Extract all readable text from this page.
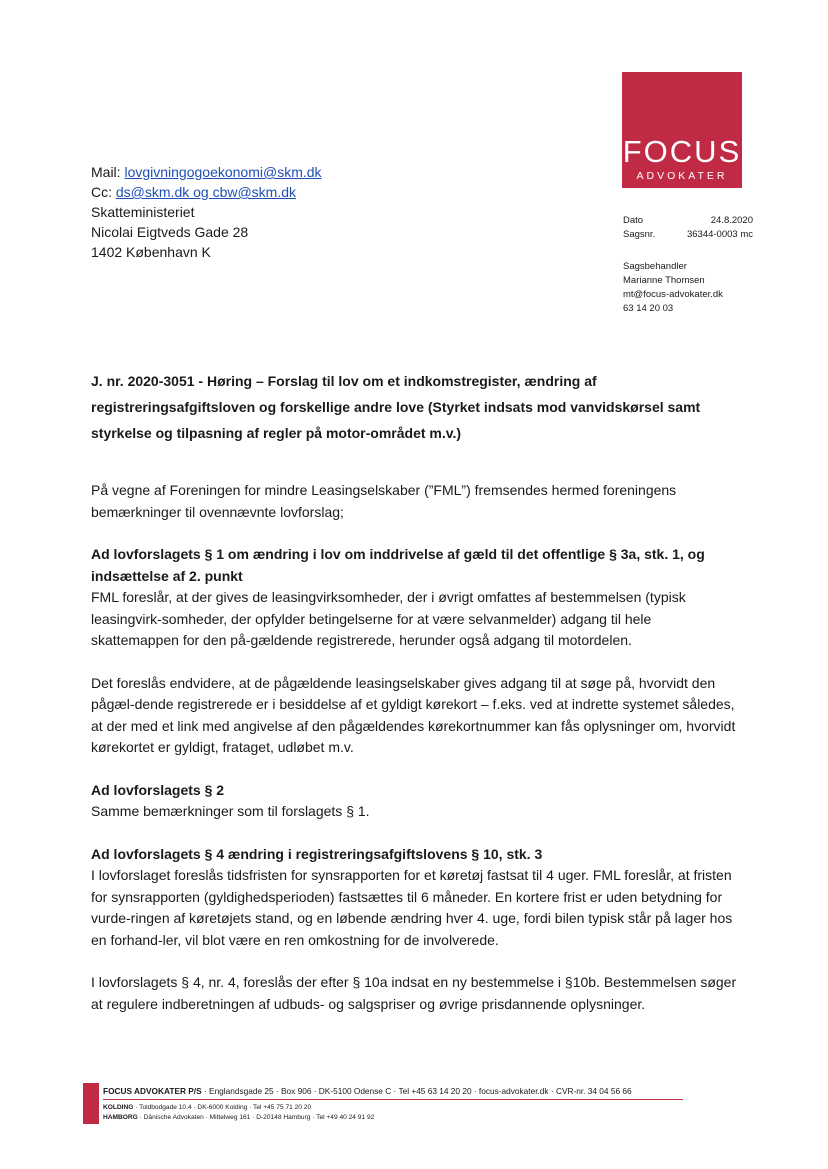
FOCUS
ADVOKATER
Mail: lovgivningogoekonomi@skm.dk
Cc: ds@skm.dk og cbw@skm.dk
Skatteministeriet
Nicolai Eigtveds Gade 28
1402 København K
Dato	24.8.2020
Sagsnr.	36344-0003 mc
Sagsbehandler
Marianne Thomsen
mt@focus-advokater.dk
63 14 20 03
J. nr. 2020-3051 - Høring – Forslag til lov om et indkomstregister, ændring af registreringsafgiftsloven og forskellige andre love (Styrket indsats mod vanvidskørsel samt styrkelse og tilpasning af regler på motor-området m.v.)

På vegne af Foreningen for mindre Leasingselskaber (”FML”) fremsendes hermed foreningens bemærkninger til ovennævnte lovforslag;

Ad lovforslagets § 1 om ændring i lov om inddrivelse af gæld til det offentlige § 3a, stk. 1, og indsættelse af 2. punkt

FML foreslår, at der gives de leasingvirksomheder, der i øvrigt omfattes af bestemmelsen (typisk leasingvirk-somheder, der opfylder betingelserne for at være selvanmelder) adgang til hele skattemappen for den på-gældende registrerede, herunder også adgang til motordelen.

Det foreslås endvidere, at de pågældende leasingselskaber gives adgang til at søge på, hvorvidt den pågæl-dende registrerede er i besiddelse af et gyldigt kørekort – f.eks. ved at indrette systemet således, at der med et link med angivelse af den pågældendes kørekortnummer kan fås oplysninger om, hvorvidt kørekortet er gyldigt, frataget, udløbet m.v.

Ad lovforslagets § 2

Samme bemærkninger som til forslagets § 1.

Ad lovforslagets § 4 ændring i registreringsafgiftslovens § 10, stk. 3

I lovforslaget foreslås tidsfristen for synsrapporten for et køretøj fastsat til 4 uger. FML foreslår, at fristen for synsrapporten (gyldighedsperioden) fastsættes til 6 måneder. En kortere frist er uden betydning for vurde-ringen af køretøjets stand, og en løbende ændring hver 4. uge, fordi bilen typisk står på lager hos en forhand-ler, vil blot være en ren omkostning for de involverede.

I lovforslagets § 4, nr. 4, foreslås der efter § 10a indsat en ny bestemmelse i §10b. Bestemmelsen søger at regulere indberetningen af udbuds- og salgspriser og øvrige prisdannende oplysninger.

FOCUS ADVOKATER P/S · Englandsgade 25 · Box 906 · DK-5100 Odense C · Tel +45 63 14 20 20 · focus-advokater.dk · CVR-nr. 34 04 56 66
KOLDING · Toldbodgade 10,4 · DK-6000 Kolding · Tel +45 75 71 20 20
HAMBORG · Dänische Advokaten · Mittelweg 161 · D-20148 Hamburg · Tel +49 40 24 91 92
